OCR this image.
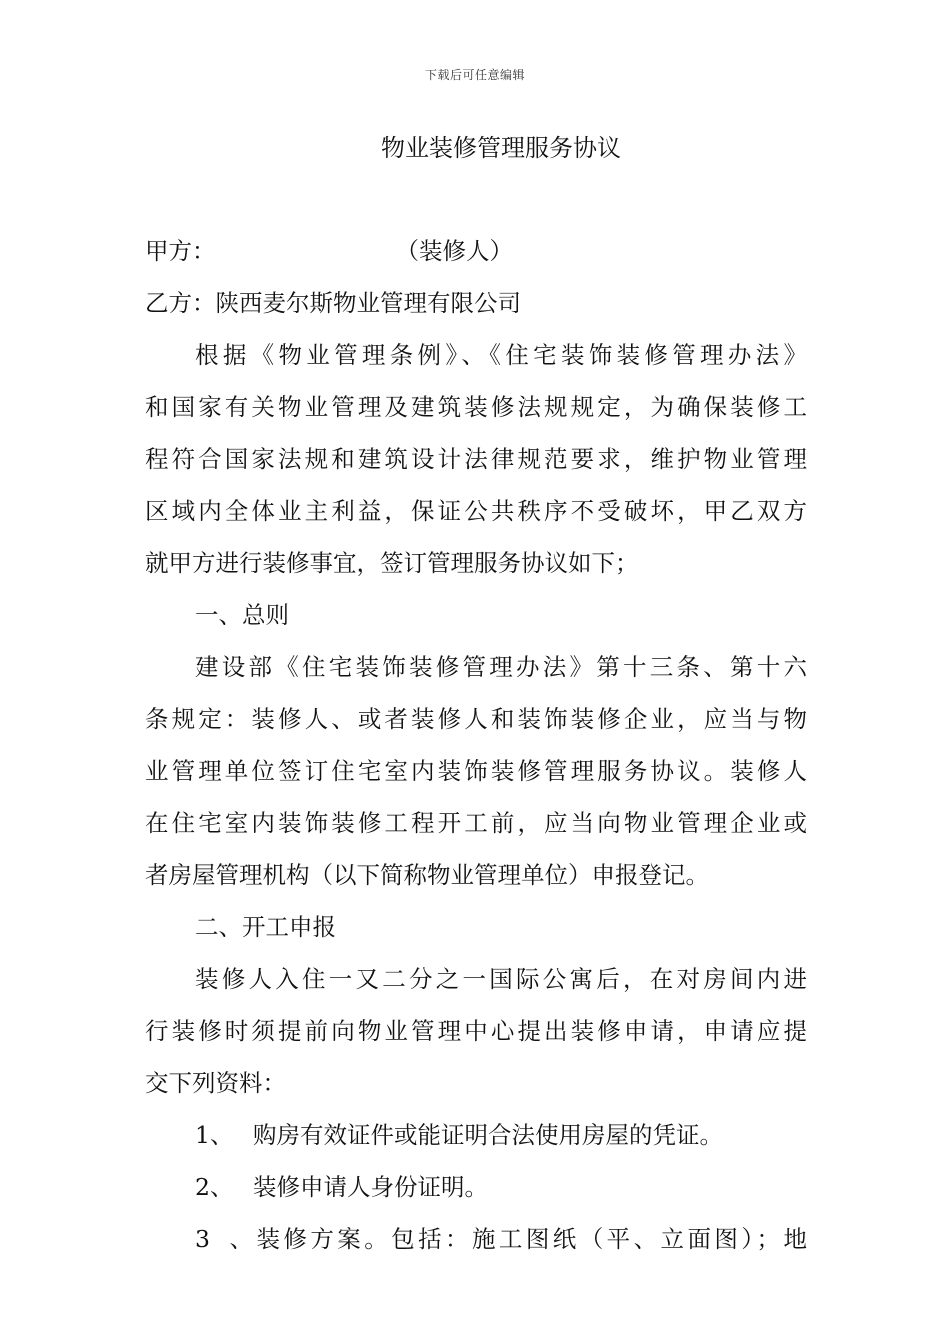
下载后可任意编辑
物业装修管理服务协议
甲方：	（装修人）
乙方：陕西麦尔斯物业管理有限公司
根据《物业管理条例》、《住宅装饰装修管理办法》
和国家有关物业管理及建筑装修法规规定，为确保装修工
程符合国家法规和建筑设计法律规范要求，维护物业管理
区域内全体业主利益，保证公共秩序不受破坏，甲乙双方
就甲方进行装修事宜，签订管理服务协议如下；
一、总则
建设部《住宅装饰装修管理办法》第十三条、第十六
条规定：装修人、或者装修人和装饰装修企业，应当与物
业管理单位签订住宅室内装饰装修管理服务协议。装修人
在住宅室内装饰装修工程开工前，应当向物业管理企业或
者房屋管理机构（以下简称物业管理单位）申报登记。
二、开工申报
装修人入住一又二分之一国际公寓后，在对房间内进
行装修时须提前向物业管理中心提出装修申请，申请应提
交下列资料：
1、 购房有效证件或能证明合法使用房屋的凭证。
2、 装修申请人身份证明。
3、装修方案。包括：施工图纸（平、立面图）；地
